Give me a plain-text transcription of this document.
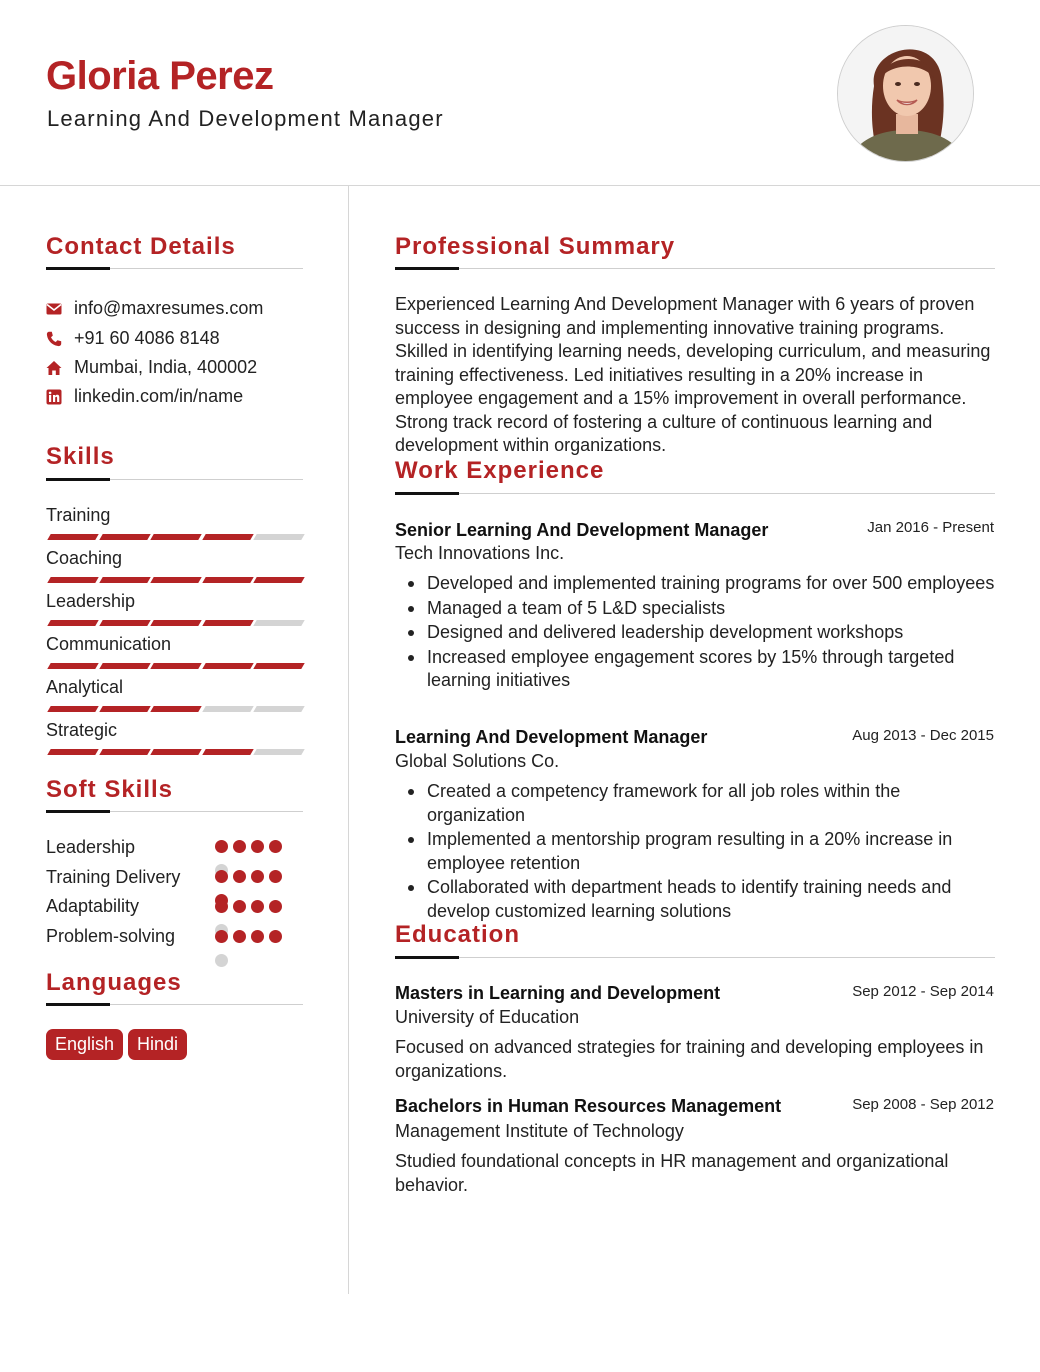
Gloria Perez
Learning And Development Manager
Contact Details
info@maxresumes.com
+91 60 4086 8148
Mumbai, India, 400002
linkedin.com/in/name
Skills
Training
Coaching
Leadership
Communication
Analytical
Strategic
Soft Skills
Leadership
Training Delivery
Adaptability
Problem-solving
Languages
English	Hindi
Professional Summary
Experienced Learning And Development Manager with 6 years of proven success in designing and implementing innovative training programs. Skilled in identifying learning needs, developing curriculum, and measuring training effectiveness. Led initiatives resulting in a 20% increase in employee engagement and a 15% improvement in overall performance. Strong track record of fostering a culture of continuous learning and development within organizations.
Work Experience
Senior Learning And Development Manager	Jan 2016 - Present
Tech Innovations Inc.
Developed and implemented training programs for over 500 employees
Managed a team of 5 L&D specialists
Designed and delivered leadership development workshops
Increased employee engagement scores by 15% through targeted learning initiatives
Learning And Development Manager	Aug 2013 - Dec 2015
Global Solutions Co.
Created a competency framework for all job roles within the organization
Implemented a mentorship program resulting in a 20% increase in employee retention
Collaborated with department heads to identify training needs and develop customized learning solutions
Education
Masters in Learning and Development	Sep 2012 - Sep 2014
University of Education
Focused on advanced strategies for training and developing employees in organizations.
Bachelors in Human Resources Management	Sep 2008 - Sep 2012
Management Institute of Technology
Studied foundational concepts in HR management and organizational behavior.
